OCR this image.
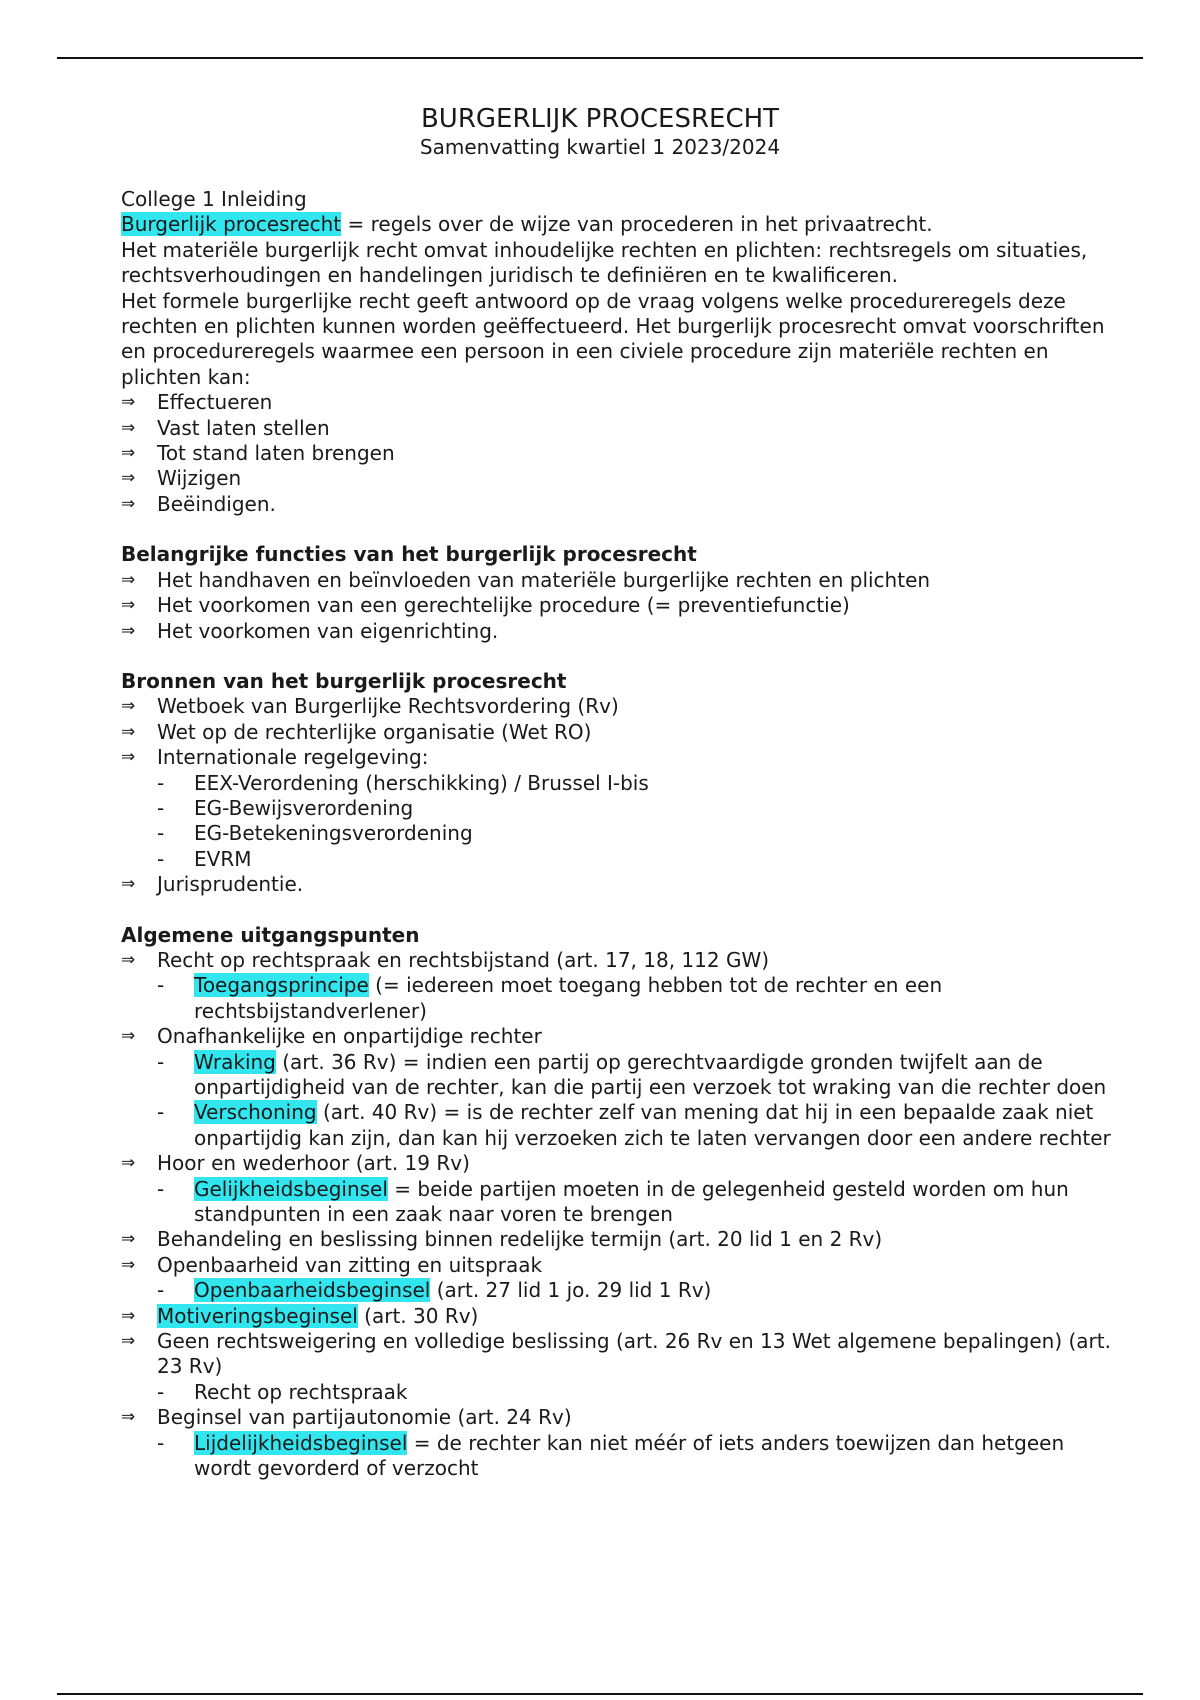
BURGERLIJK PROCESRECHT
Samenvatting kwartiel 1 2023/2024

College 1 Inleiding

Burgerlijk procesrecht = regels over de wijze van procederen in het privaatrecht.

Het materiële burgerlijk recht omvat inhoudelijke rechten en plichten: rechtsregels om situaties, rechtsverhoudingen en handelingen juridisch te definiëren en te kwalificeren.

Het formele burgerlijke recht geeft antwoord op de vraag volgens welke procedureregels deze rechten en plichten kunnen worden geëffectueerd. Het burgerlijk procesrecht omvat voorschriften en procedureregels waarmee een persoon in een civiele procedure zijn materiële rechten en plichten kan:

⇒ Effectueren
⇒ Vast laten stellen
⇒ Tot stand laten brengen
⇒ Wijzigen
⇒ Beëindigen.

Belangrijke functies van het burgerlijk procesrecht

⇒ Het handhaven en beïnvloeden van materiële burgerlijke rechten en plichten
⇒ Het voorkomen van een gerechtelijke procedure (= preventiefunctie)
⇒ Het voorkomen van eigenrichting.

Bronnen van het burgerlijk procesrecht

⇒ Wetboek van Burgerlijke Rechtsvordering (Rv)
⇒ Wet op de rechterlijke organisatie (Wet RO)
⇒ Internationale regelgeving:
- EEX-Verordening (herschikking) / Brussel I-bis
- EG-Bewijsverordening
- EG-Betekeningsverordening
- EVRM
⇒ Jurisprudentie.

Algemene uitgangspunten

⇒ Recht op rechtspraak en rechtsbijstand (art. 17, 18, 112 GW)
- Toegangsprincipe (= iedereen moet toegang hebben tot de rechter en een rechtsbijstandverlener)
⇒ Onafhankelijke en onpartijdige rechter
- Wraking (art. 36 Rv) = indien een partij op gerechtvaardigde gronden twijfelt aan de onpartijdigheid van de rechter, kan die partij een verzoek tot wraking van die rechter doen
- Verschoning (art. 40 Rv) = is de rechter zelf van mening dat hij in een bepaalde zaak niet onpartijdig kan zijn, dan kan hij verzoeken zich te laten vervangen door een andere rechter
⇒ Hoor en wederhoor (art. 19 Rv)
- Gelijkheidsbeginsel = beide partijen moeten in de gelegenheid gesteld worden om hun standpunten in een zaak naar voren te brengen
⇒ Behandeling en beslissing binnen redelijke termijn (art. 20 lid 1 en 2 Rv)
⇒ Openbaarheid van zitting en uitspraak
- Openbaarheidsbeginsel (art. 27 lid 1 jo. 29 lid 1 Rv)
⇒ Motiveringsbeginsel (art. 30 Rv)
⇒ Geen rechtsweigering en volledige beslissing (art. 26 Rv en 13 Wet algemene bepalingen) (art. 23 Rv)
- Recht op rechtspraak
⇒ Beginsel van partijautonomie (art. 24 Rv)
- Lijdelijkheidsbeginsel = de rechter kan niet méér of iets anders toewijzen dan hetgeen wordt gevorderd of verzocht
